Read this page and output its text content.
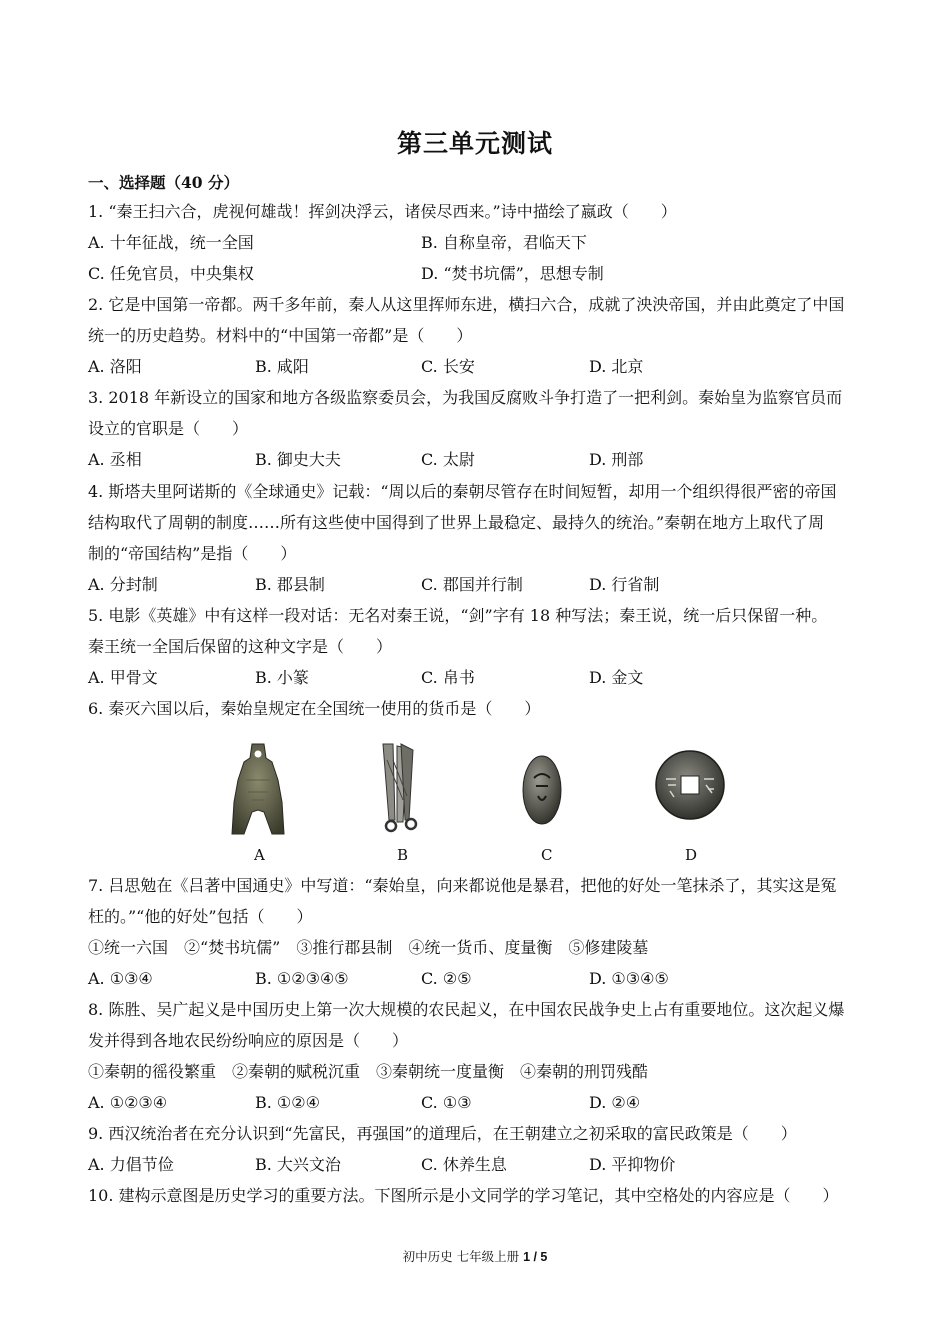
第三单元测试
一、选择题（40 分）
1. “秦王扫六合，虎视何雄哉！挥剑决浮云，诸侯尽西来。”诗中描绘了嬴政（　　）
A. 十年征战，统一全国	B. 自称皇帝，君临天下
C. 任免官员，中央集权	D. “焚书坑儒”，思想专制
2. 它是中国第一帝都。两千多年前，秦人从这里挥师东进，横扫六合，成就了泱泱帝国，并由此奠定了中国
统一的历史趋势。材料中的“中国第一帝都”是（　　）
A. 洛阳	B. 咸阳	C. 长安	D. 北京
3. 2018 年新设立的国家和地方各级监察委员会，为我国反腐败斗争打造了一把利剑。秦始皇为监察官员而
设立的官职是（　　）
A. 丞相	B. 御史大夫	C. 太尉	D. 刑部
4. 斯塔夫里阿诺斯的《全球通史》记载：“周以后的秦朝尽管存在时间短暂，却用一个组织得很严密的帝国
结构取代了周朝的制度……所有这些使中国得到了世界上最稳定、最持久的统治。”秦朝在地方上取代了周
制的“帝国结构”是指（　　）
A. 分封制	B. 郡县制	C. 郡国并行制	D. 行省制
5. 电影《英雄》中有这样一段对话：无名对秦王说，“剑”字有 18 种写法；秦王说，统一后只保留一种。
秦王统一全国后保留的这种文字是（　　）
A. 甲骨文	B. 小篆	C. 帛书	D. 金文
6. 秦灭六国以后，秦始皇规定在全国统一使用的货币是（　　）
A	B	C	D
7. 吕思勉在《吕著中国通史》中写道：“秦始皇，向来都说他是暴君，把他的好处一笔抹杀了，其实这是冤
枉的。”“他的好处”包括（　　）
①统一六国　②“焚书坑儒”　③推行郡县制　④统一货币、度量衡　⑤修建陵墓
A. ①③④	B. ①②③④⑤	C. ②⑤	D. ①③④⑤
8. 陈胜、吴广起义是中国历史上第一次大规模的农民起义，在中国农民战争史上占有重要地位。这次起义爆
发并得到各地农民纷纷响应的原因是（　　）
①秦朝的徭役繁重　②秦朝的赋税沉重　③秦朝统一度量衡　④秦朝的刑罚残酷
A. ①②③④	B. ①②④	C. ①③	D. ②④
9. 西汉统治者在充分认识到“先富民，再强国”的道理后，在王朝建立之初采取的富民政策是（　　）
A. 力倡节俭	B. 大兴文治	C. 休养生息	D. 平抑物价
10. 建构示意图是历史学习的重要方法。下图所示是小文同学的学习笔记，其中空格处的内容应是（　　）
初中历史 七年级上册 1 / 5
